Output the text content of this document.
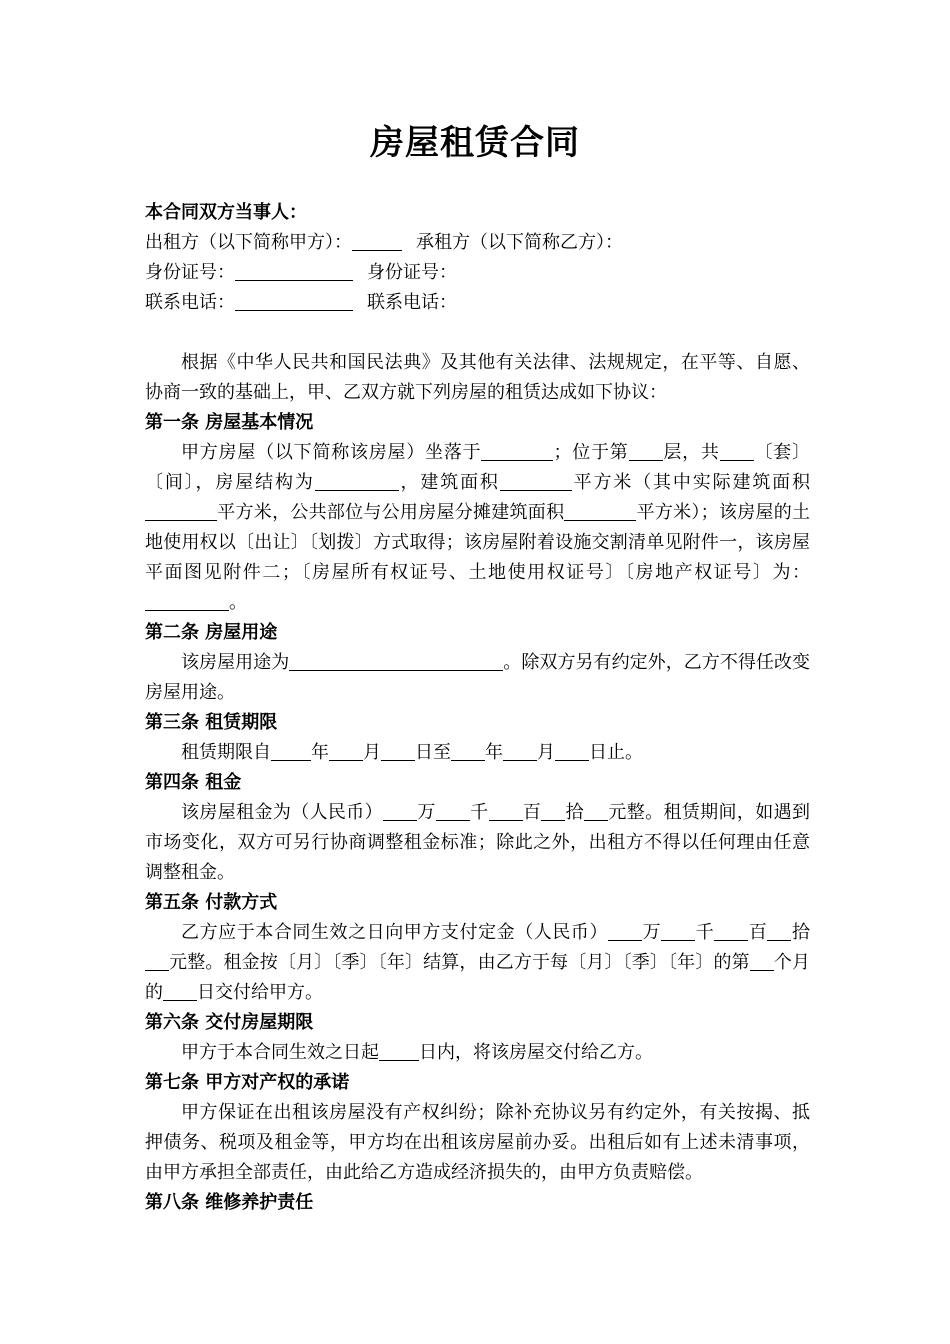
房屋租赁合同
本合同双方当事人：
出租方（以下简称甲方）：	承租方（以下简称乙方）：
身份证号：	身份证号：
联系电话：	联系电话：

根据《中华人民共和国民法典》及其他有关法律、法规规定，在平等、自愿、协商一致的基础上，甲、乙双方就下列房屋的租赁达成如下协议：

第一条 房屋基本情况

甲方房屋（以下简称该房屋）坐落于	；位于第 层，共 〔套〕〔间〕，房屋结构为	，建筑面积	平方米（其中实际建筑面积平方米，公共部位与公用房屋分摊建筑面积	平方米）；该房屋的土地使用权以〔出让〕〔划拨〕方式取得；该房屋附着设施交割清单见附件一，该房屋平面图见附件二；〔房屋所有权证号、土地使用权证号〕〔房地产权证号〕为：。

第二条 房屋用途

该房屋用途为	。除双方另有约定外，乙方不得任改变房屋用途。

第三条 租赁期限

租赁期限自 年 月 日至 年 月 日止。

第四条 租金

该房屋租金为（人民币） 万 千 百 拾 元整。租赁期间，如遇到市场变化，双方可另行协商调整租金标准；除此之外，出租方不得以任何理由任意调整租金。

第五条 付款方式

乙方应于本合同生效之日向甲方支付定金（人民币） 万 千 百 拾元整。租金按〔月〕〔季〕〔年〕结算，由乙方于每〔月〕〔季〕〔年〕的第 个月的 日交付给甲方。

第六条 交付房屋期限

甲方于本合同生效之日起 日内，将该房屋交付给乙方。

第七条 甲方对产权的承诺

甲方保证在出租该房屋没有产权纠纷；除补充协议另有约定外，有关按揭、抵押债务、税项及租金等，甲方均在出租该房屋前办妥。出租后如有上述未清事项，由甲方承担全部责任，由此给乙方造成经济损失的，由甲方负责赔偿。

第八条 维修养护责任
